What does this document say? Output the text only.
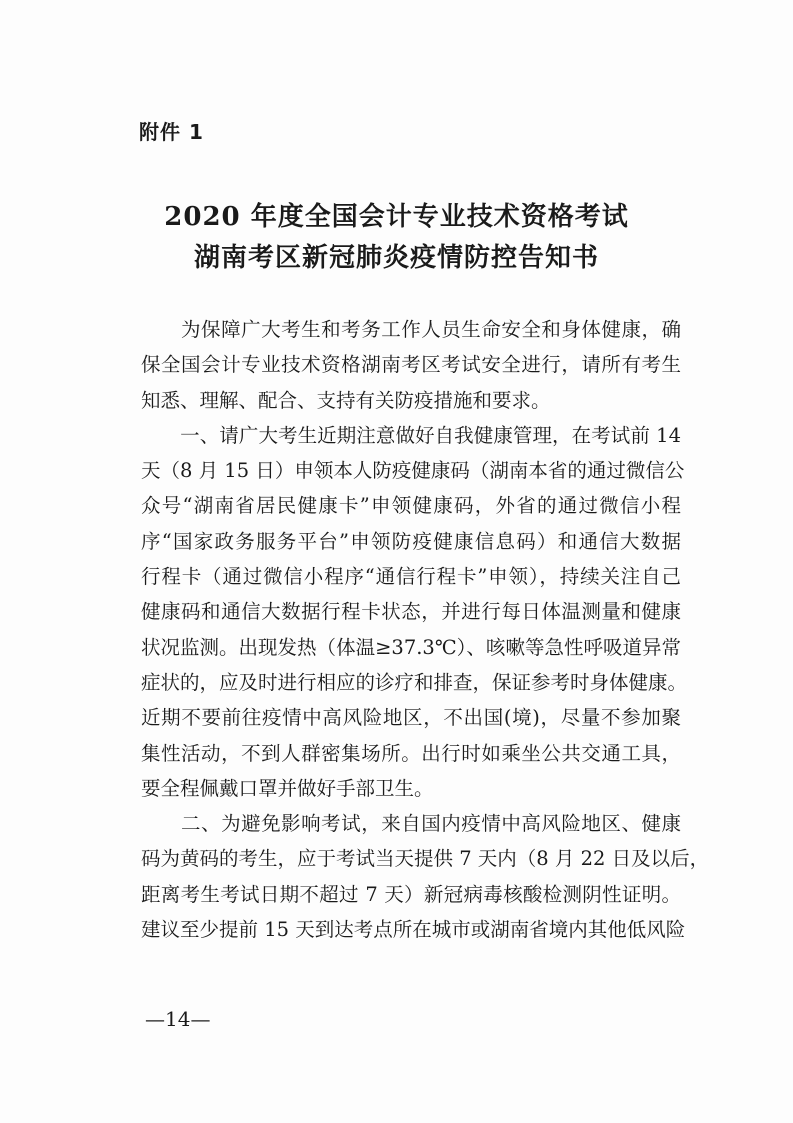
附件 1
2020 年度全国会计专业技术资格考试
湖南考区新冠肺炎疫情防控告知书
　　为保障广大考生和考务工作人员生命安全和身体健康，确
保全国会计专业技术资格湖南考区考试安全进行，请所有考生
知悉、理解、配合、支持有关防疫措施和要求。
　　一、请广大考生近期注意做好自我健康管理，在考试前 14
天（8 月 15 日）申领本人防疫健康码（湖南本省的通过微信公
众号“湖南省居民健康卡”申领健康码，外省的通过微信小程
序“国家政务服务平台”申领防疫健康信息码）和通信大数据
行程卡（通过微信小程序“通信行程卡”申领），持续关注自己
健康码和通信大数据行程卡状态，并进行每日体温测量和健康
状况监测。出现发热（体温≥37.3℃）、咳嗽等急性呼吸道异常
症状的，应及时进行相应的诊疗和排查，保证参考时身体健康。
近期不要前往疫情中高风险地区，不出国(境)，尽量不参加聚
集性活动，不到人群密集场所。出行时如乘坐公共交通工具，
要全程佩戴口罩并做好手部卫生。
　　二、为避免影响考试，来自国内疫情中高风险地区、健康
码为黄码的考生，应于考试当天提供 7 天内（8 月 22 日及以后，
距离考生考试日期不超过 7 天）新冠病毒核酸检测阴性证明。
建议至少提前 15 天到达考点所在城市或湖南省境内其他低风险
—14—
